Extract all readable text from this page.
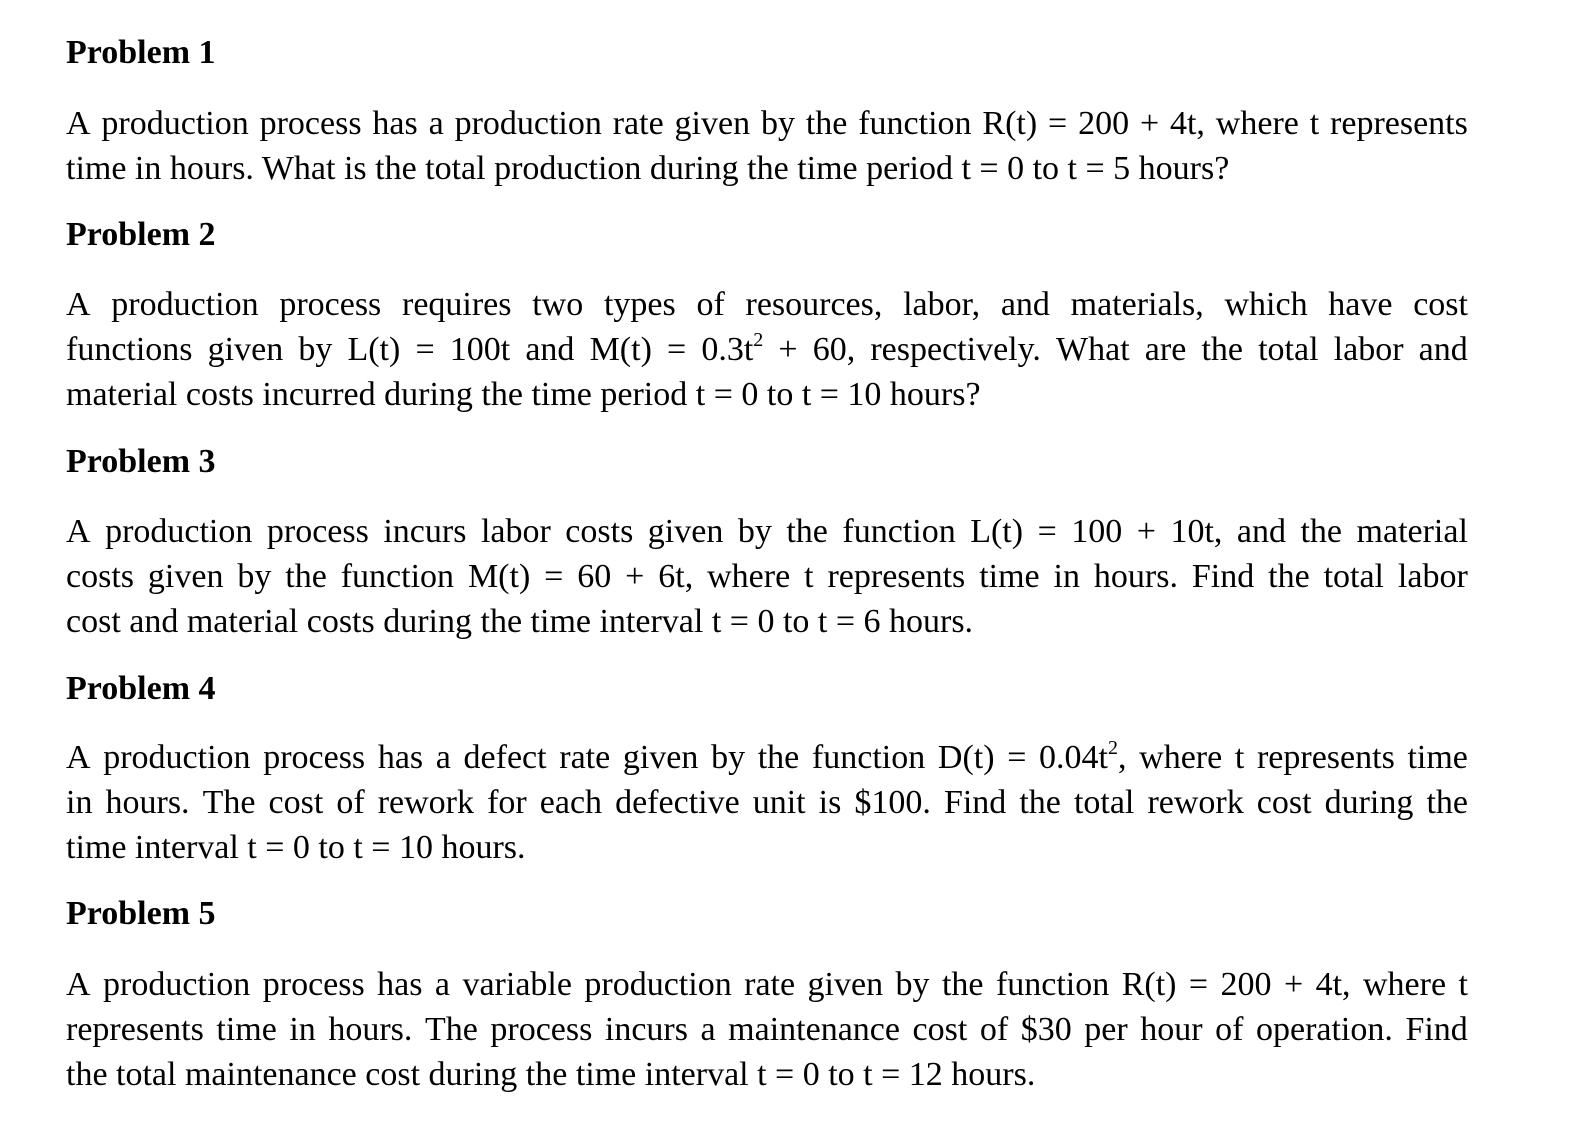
Problem 1
A production process has a production rate given by the function R(t) = 200 + 4t, where t represents
time in hours. What is the total production during the time period t = 0 to t = 5 hours?
Problem 2
A production process requires two types of resources, labor, and materials, which have cost
functions given by L(t) = 100t and $M(t) = 0.3t^2 + 60$, respectively. What are the total labor and
material costs incurred during the time period t = 0 to t = 10 hours?
Problem 3
A production process incurs labor costs given by the function L(t) = 100 + 10t, and the material
costs given by the function M(t) = 60 + 6t, where t represents time in hours. Find the total labor
cost and material costs during the time interval t = 0 to t = 6 hours.
Problem 4
A production process has a defect rate given by the function $D(t) = 0.04t^2$, where t represents time
in hours. The cost of rework for each defective unit is $100. Find the total rework cost during the
time interval t = 0 to t = 10 hours.
Problem 5
A production process has a variable production rate given by the function R(t) = 200 + 4t, where t
represents time in hours. The process incurs a maintenance cost of $30 per hour of operation. Find
the total maintenance cost during the time interval t = 0 to t = 12 hours.
